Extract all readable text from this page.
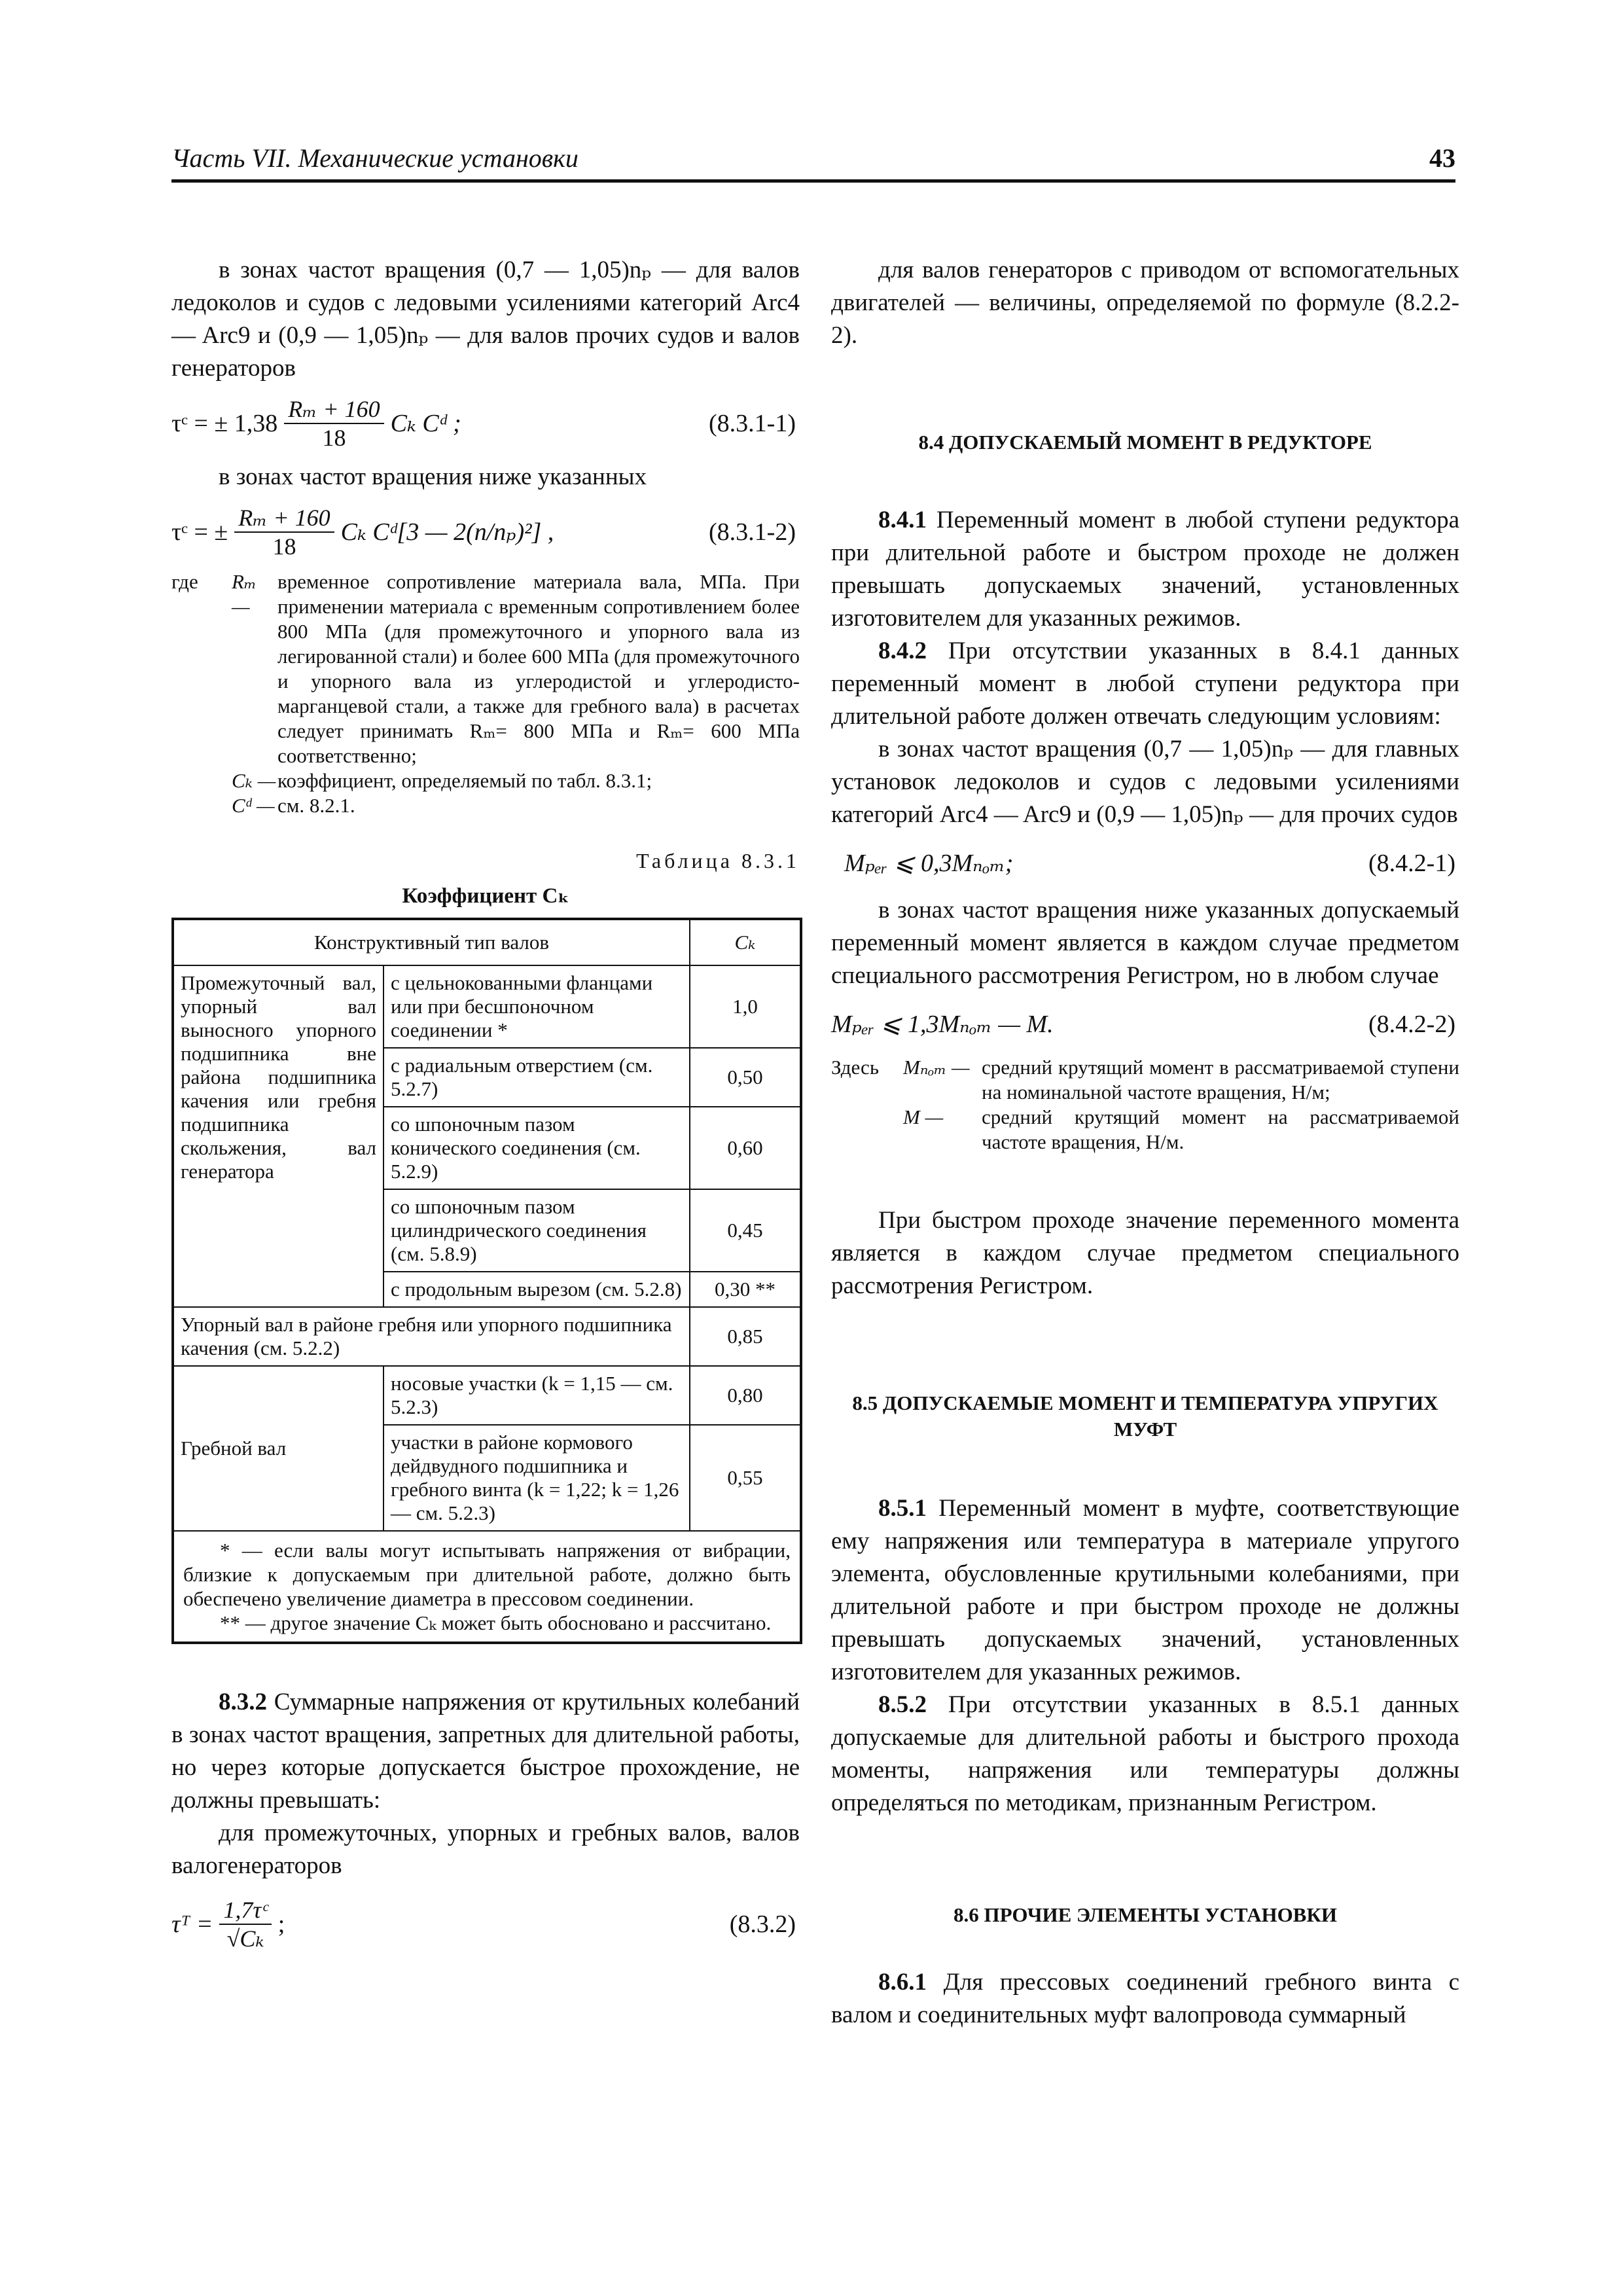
Часть VII. Механические установки	43

в зонах частот вращения (0,7 — 1,05)nₚ — для валов ледоколов и судов с ледовыми усилениями категорий Arc4 — Arc9 и (0,9 — 1,05)nₚ — для валов прочих судов и валов генераторов

τᶜ = ± $1,38 \frac{\text{Rₘ + 160}}{18}$ Cₖ Cᵈ ;	(8.3.1-1)

в зонах частот вращения ниже указанных

τᶜ = ± $\frac{\text{Rₘ + 160}}{18}$ Cₖ Cᵈ[3 — 2(n/nₚ)²] ,	(8.3.1-2)
где	Rₘ —
временное сопротивление материала вала, МПа. При применении материала с временным сопротивлением более 800 МПа (для промежуточного и упорного вала из легированной стали) и более 600 МПа (для промежуточного и упорного вала из углеродистой и углеродисто-марганцевой стали, а также для гребного вала) в расчетах следует принимать Rₘ= 800 МПа и Rₘ= 600 МПа соответственно;
Cₖ — коэффициент, определяемый по табл. 8.3.1;
Cᵈ — см. 8.2.1.
Таблица 8.3.1
Коэффициент Cₖ
Конструктивный тип валов		Cₖ
Промежуточный вал, упорный вал выносного упорного подшипника вне района подшипника качения или гребня подшипника скольжения, вал генератора	с цельнокованными фланцами или при бесшпоночном соединении *	1,0
	с радиальным отверстием (см. 5.2.7)	0,50
	со шпоночным пазом коничеcкого соединения (см. 5.2.9)	0,60
	со шпоночным пазом цилиндрического соединения (см. 5.8.9)	0,45
	с продольным вырезом (см. 5.2.8)	0,30 **
Упорный вал в районе гребня или упорного подшипника качения (см. 5.2.2)		0,85
Гребной вал	носовые участки (k = 1,15 — см. 5.2.3)	0,80
	участки в районе кормового дейдвудного подшипника и гребного винта (k = 1,22; k = 1,26 — см. 5.2.3)	0,55

* — если валы могут испытывать напряжения от вибрации, близкие к допускаемым при длительной работе, должно быть обеспечено увеличение диаметра в прессовом соединении.
** — другое значение Cₖ может быть обосновано и рассчитано.		

8.3.2 Суммарные напряжения от крутильных колебаний в зонах частот вращения, запретных для длительной работы, но через которые допускается быстрое прохождение, не должны превышать:

для промежуточных, упорных и гребных валов, валов валогенераторов

τᵀ = $\frac{\text{1,7τᶜ}}{\text{√Cₖ}}$ ;	(8.3.2)

для валов генераторов с приводом от вспомогательных двигателей — величины, определяемой по формуле (8.2.2-2).

8.4 ДОПУСКАЕМЫЙ МОМЕНТ В РЕДУКТОРЕ

8.4.1 Переменный момент в любой ступени редуктора при длительной работе и быстром проходе не должен превышать допускаемых значений, установленных изготовителем для указанных режимов.

8.4.2 При отсутствии указанных в 8.4.1 данных переменный момент в любой ступени редуктора при длительной работе должен отвечать следующим условиям:

в зонах частот вращения (0,7 — 1,05)nₚ — для главных установок ледоколов и судов с ледовыми усилениями категорий Arc4 — Arc9 и (0,9 — 1,05)nₚ — для прочих судов

Mₚₑᵣ ⩽ 0,3Mₙₒₘ;	(8.4.2-1)

в зонах частот вращения ниже указанных допускаемый переменный момент является в каждом случае предметом специального рассмотрения Регистром, но в любом случае

Mₚₑᵣ ⩽ 1,3Mₙₒₘ — M.	(8.4.2-2)
Здесь	Mₙₒₘ — средний крутящий момент в рассматриваемой ступени на номинальной частоте вращения, Н/м;
M —	средний крутящий момент на рассматриваемой частоте вращения, Н/м.

При быстром проходе значение переменного момента является в каждом случае предметом специального рассмотрения Регистром.

8.5 ДОПУСКАЕМЫЕ МОМЕНТ И ТЕМПЕРАТУРА УПРУГИХ МУФТ

8.5.1 Переменный момент в муфте, соответствующие ему напряжения или температура в материале упругого элемента, обусловленные крутильными колебаниями, при длительной работе и при быстром проходе не должны превышать допускаемых значений, установленных изготовителем для указанных режимов.

8.5.2 При отсутствии указанных в 8.5.1 данных допускаемые для длительной работы и быстрого прохода моменты, напряжения или температуры должны определяться по методикам, признанным Регистром.

8.6 ПРОЧИЕ ЭЛЕМЕНТЫ УСТАНОВКИ

8.6.1 Для прессовых соединений гребного винта с валом и соединительных муфт валопровода суммарный
